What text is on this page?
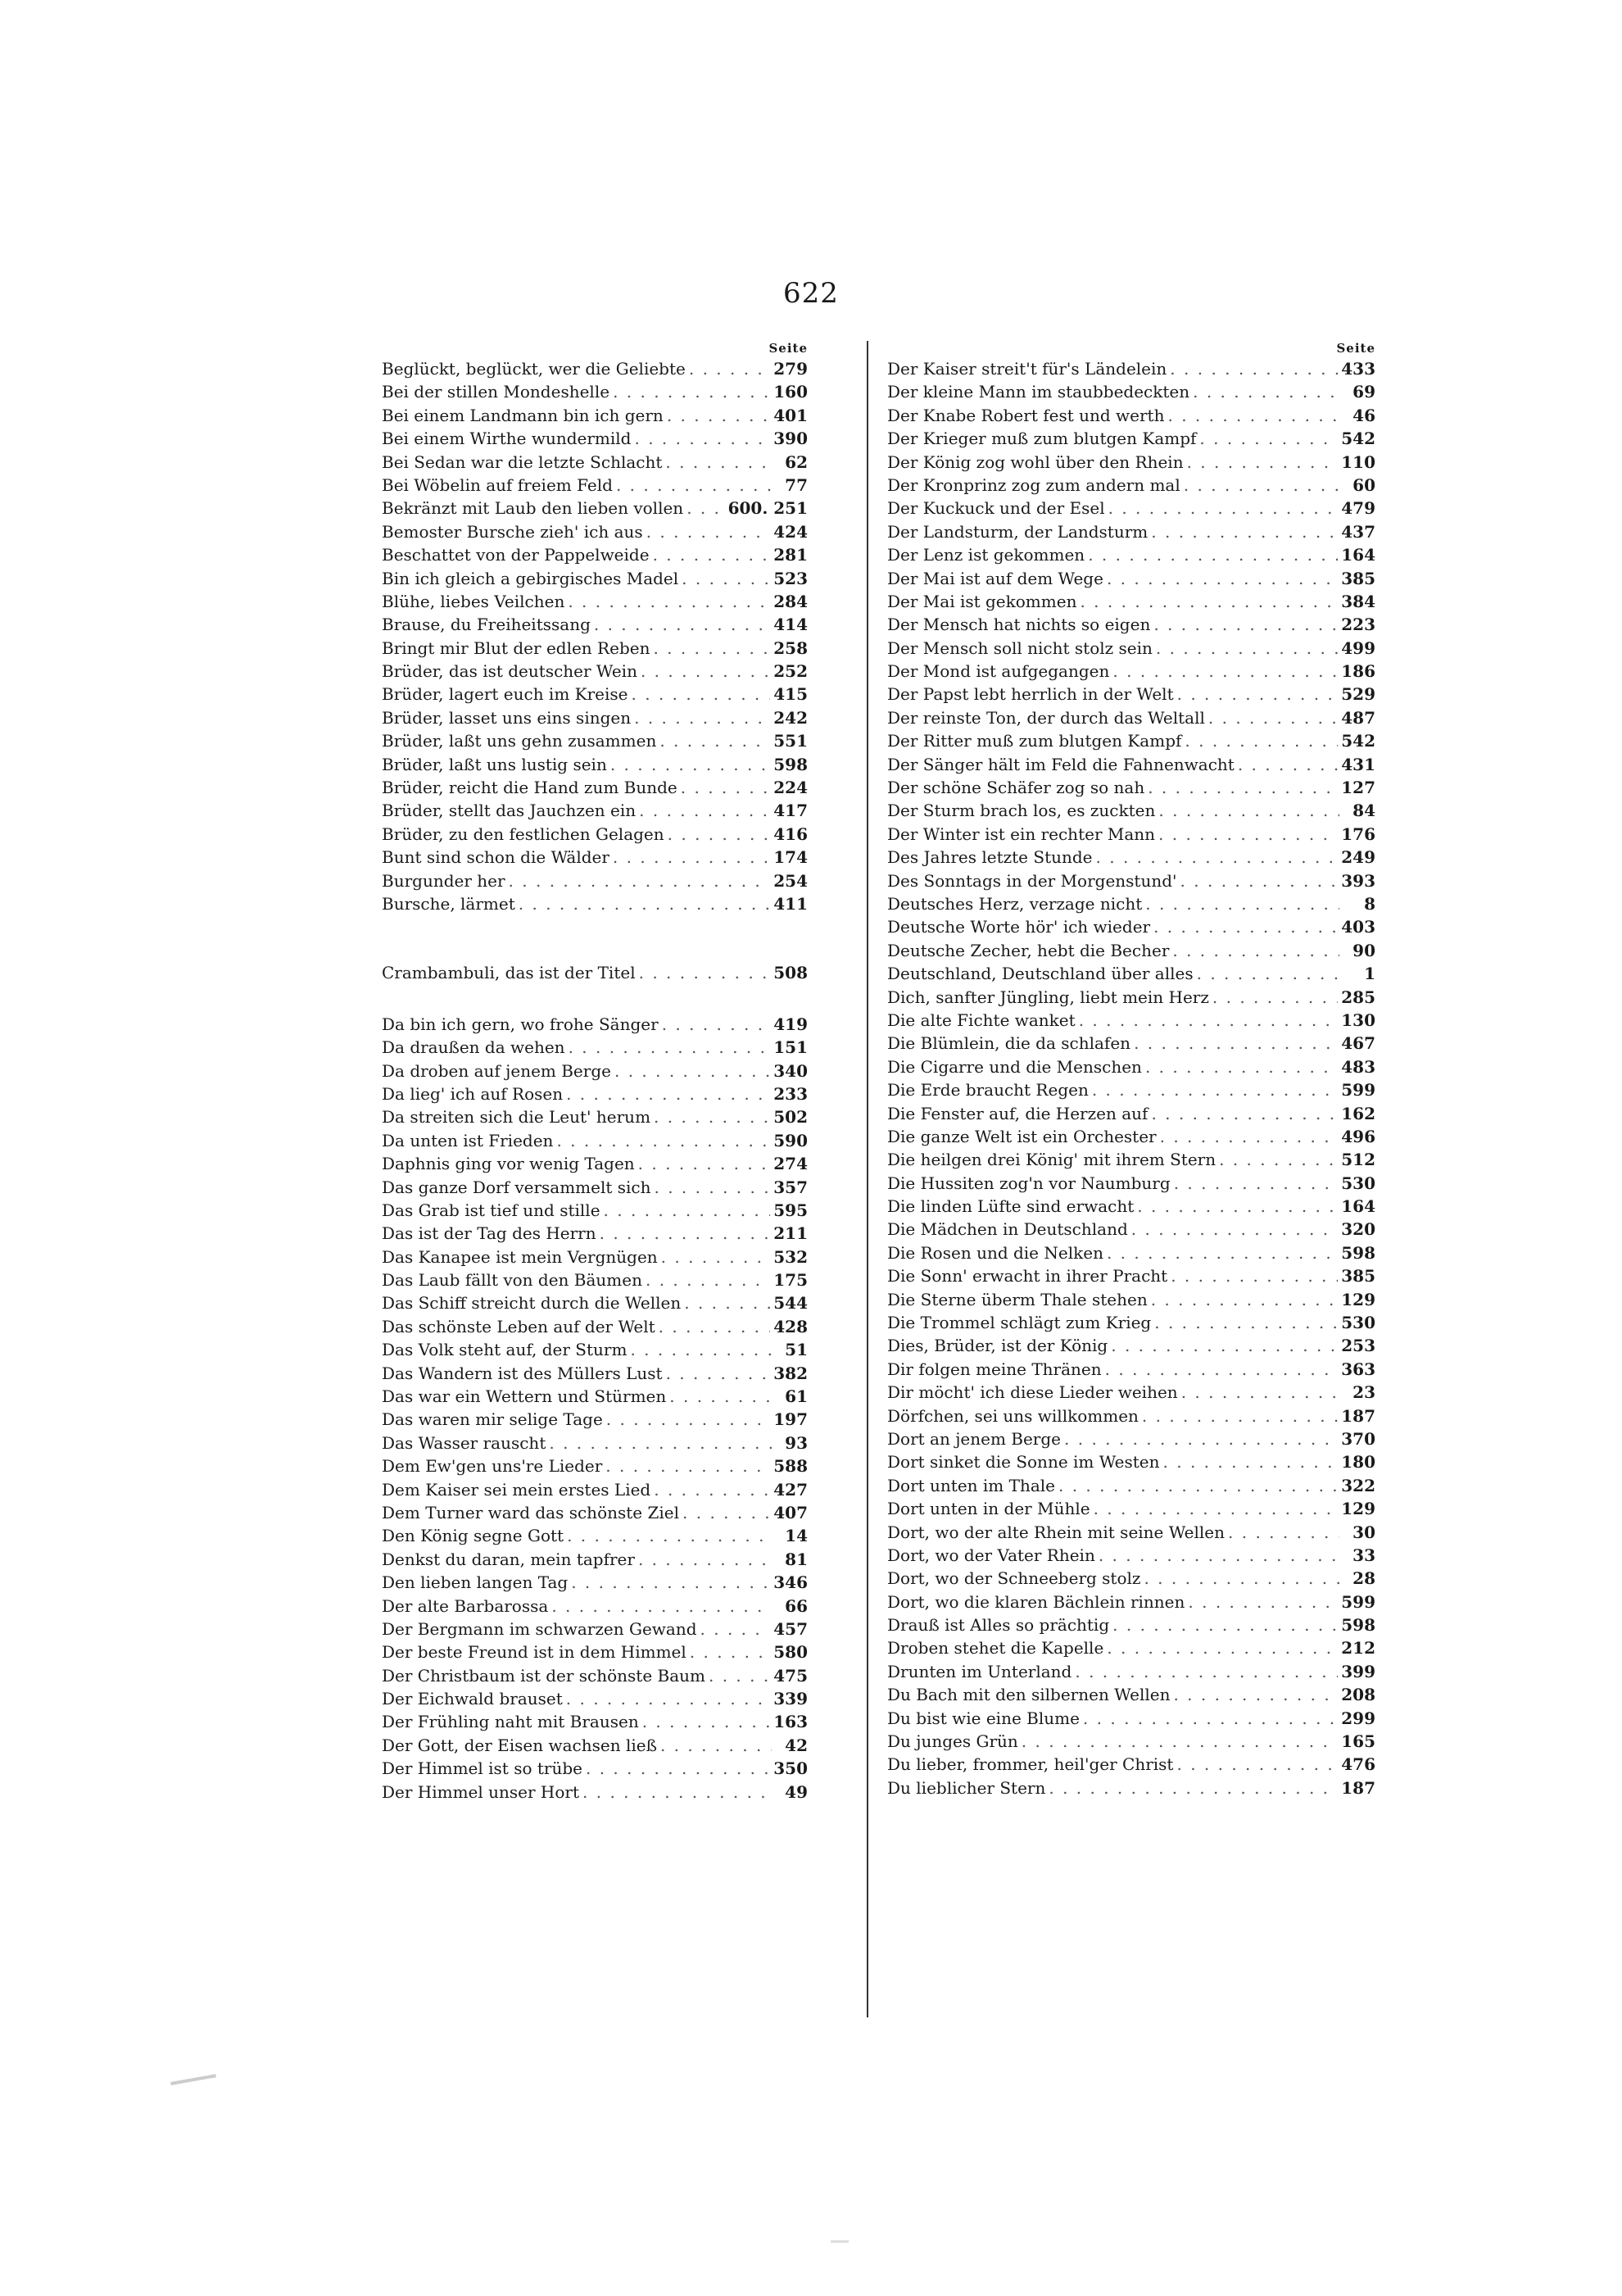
622
Seite
Beglückt, beglückt, wer die Geliebte . . .	279
Bei der stillen Mondeshelle . . .	160
Bei einem Landmann bin ich gern . . .	401
Bei einem Wirthe wundermild . . .	390
Bei Sedan war die letzte Schlacht . . .	62
Bei Wöbelin auf freiem Feld . . .	77
Bekränzt mit Laub den lieben vollen . . .	600. 251
Bemoster Bursche zieh' ich aus . . .	424
Beschattet von der Pappelweide . . .	281
Bin ich gleich a gebirgisches Madel . . .	523
Blühe, liebes Veilchen . . .	284
Brause, du Freiheitssang . . .	414
Bringt mir Blut der edlen Reben . . .	258
Brüder, das ist deutscher Wein . . .	252
Brüder, lagert euch im Kreise . . .	415
Brüder, lasset uns eins singen . . .	242
Brüder, laßt uns gehn zusammen . . .	551
Brüder, laßt uns lustig sein . . .	598
Brüder, reicht die Hand zum Bunde . . .	224
Brüder, stellt das Jauchzen ein . . .	417
Brüder, zu den festlichen Gelagen . . .	416
Bunt sind schon die Wälder . . .	174
Burgunder her . . .	254
Bursche, lärmet . . .	411
Crambambuli, das ist der Titel . . .	508
Da bin ich gern, wo frohe Sänger . . .	419
Da draußen da wehen . . .	151
Da droben auf jenem Berge . . .	340
Da lieg' ich auf Rosen . . .	233
Da streiten sich die Leut' herum . . .	502
Da unten ist Frieden . . .	590
Daphnis ging vor wenig Tagen . . .	274
Das ganze Dorf versammelt sich . . .	357
Das Grab ist tief und stille . . .	595
Das ist der Tag des Herrn . . .	211
Das Kanapee ist mein Vergnügen . . .	532
Das Laub fällt von den Bäumen . . .	175
Das Schiff streicht durch die Wellen . . .	544
Das schönste Leben auf der Welt . . .	428
Das Volk steht auf, der Sturm . . .	51
Das Wandern ist des Müllers Lust . . .	382
Das war ein Wettern und Stürmen . . .	61
Das waren mir selige Tage . . .	197
Das Wasser rauscht . . .	93
Dem Ew'gen uns're Lieder . . .	588
Dem Kaiser sei mein erstes Lied . . .	427
Dem Turner ward das schönste Ziel . . .	407
Den König segne Gott . . .	14
Denkst du daran, mein tapfrer . . .	81
Den lieben langen Tag . . .	346
Der alte Barbarossa . . .	66
Der Bergmann im schwarzen Gewand . . .	457
Der beste Freund ist in dem Himmel . . .	580
Der Christbaum ist der schönste Baum . . .	475
Der Eichwald brauset . . .	339
Der Frühling naht mit Brausen . . .	163
Der Gott, der Eisen wachsen ließ . . .	42
Der Himmel ist so trübe . . .	350
Der Himmel unser Hort . . .	49
Seite
Der Kaiser streit't für's Ländelein . . .	433
Der kleine Mann im staubbedeckten . . .	69
Der Knabe Robert fest und werth . . .	46
Der Krieger muß zum blutgen Kampf . . .	542
Der König zog wohl über den Rhein . . .	110
Der Kronprinz zog zum andern mal . . .	60
Der Kuckuck und der Esel . . .	479
Der Landsturm, der Landsturm . . .	437
Der Lenz ist gekommen . . .	164
Der Mai ist auf dem Wege . . .	385
Der Mai ist gekommen . . .	384
Der Mensch hat nichts so eigen . . .	223
Der Mensch soll nicht stolz sein . . .	499
Der Mond ist aufgegangen . . .	186
Der Papst lebt herrlich in der Welt . . .	529
Der reinste Ton, der durch das Weltall . . .	487
Der Ritter muß zum blutgen Kampf . . .	542
Der Sänger hält im Feld die Fahnenwacht . . .	431
Der schöne Schäfer zog so nah . . .	127
Der Sturm brach los, es zuckten . . .	84
Der Winter ist ein rechter Mann . . .	176
Des Jahres letzte Stunde . . .	249
Des Sonntags in der Morgenstund' . . .	393
Deutsches Herz, verzage nicht . . .	8
Deutsche Worte hör' ich wieder . . .	403
Deutsche Zecher, hebt die Becher . . .	90
Deutschland, Deutschland über alles . . .	1
Dich, sanfter Jüngling, liebt mein Herz . . .	285
Die alte Fichte wanket . . .	130
Die Blümlein, die da schlafen . . .	467
Die Cigarre und die Menschen . . .	483
Die Erde braucht Regen . . .	599
Die Fenster auf, die Herzen auf . . .	162
Die ganze Welt ist ein Orchester . . .	496
Die heilgen drei König' mit ihrem Stern . . .	512
Die Hussiten zog'n vor Naumburg . . .	530
Die linden Lüfte sind erwacht . . .	164
Die Mädchen in Deutschland . . .	320
Die Rosen und die Nelken . . .	598
Die Sonn' erwacht in ihrer Pracht . . .	385
Die Sterne überm Thale stehen . . .	129
Die Trommel schlägt zum Krieg . . .	530
Dies, Brüder, ist der König . . .	253
Dir folgen meine Thränen . . .	363
Dir möcht' ich diese Lieder weihen . . .	23
Dörfchen, sei uns willkommen . . .	187
Dort an jenem Berge . . .	370
Dort sinket die Sonne im Westen . . .	180
Dort unten im Thale . . .	322
Dort unten in der Mühle . . .	129
Dort, wo der alte Rhein mit seine Wellen . . .	30
Dort, wo der Vater Rhein . . .	33
Dort, wo der Schneeberg stolz . . .	28
Dort, wo die klaren Bächlein rinnen . . .	599
Drauß ist Alles so prächtig . . .	598
Droben stehet die Kapelle . . .	212
Drunten im Unterland . . .	399
Du Bach mit den silbernen Wellen . . .	208
Du bist wie eine Blume . . .	299
Du junges Grün . . .	165
Du lieber, frommer, heil'ger Christ . . .	476
Du lieblicher Stern . . .	187
